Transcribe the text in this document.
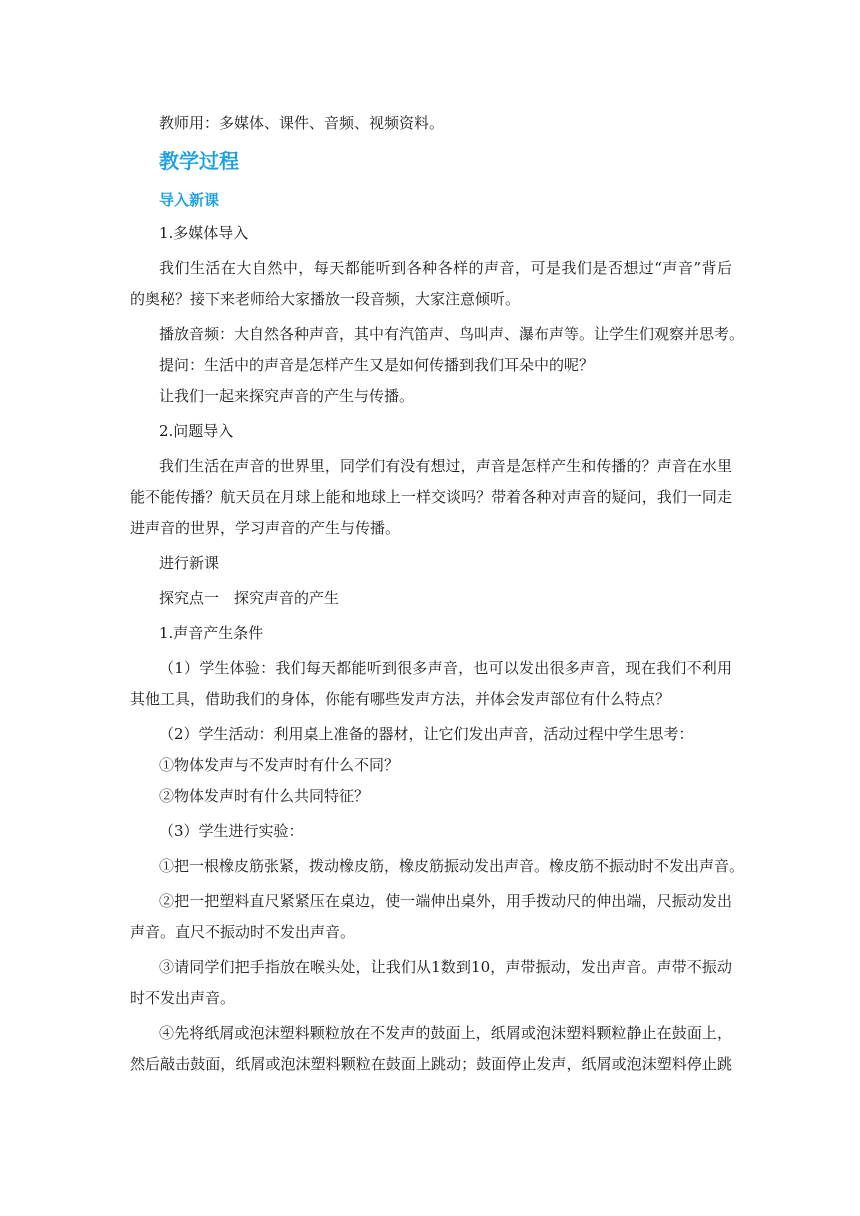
教师用：多媒体、课件、音频、视频资料。
教学过程
导入新课
1.多媒体导入
我们生活在大自然中，每天都能听到各种各样的声音，可是我们是否想过“声音”背后
的奥秘？接下来老师给大家播放一段音频，大家注意倾听。
播放音频：大自然各种声音，其中有汽笛声、鸟叫声、瀑布声等。让学生们观察并思考。
提问：生活中的声音是怎样产生又是如何传播到我们耳朵中的呢？
让我们一起来探究声音的产生与传播。
2.问题导入
我们生活在声音的世界里，同学们有没有想过，声音是怎样产生和传播的？声音在水里
能不能传播？航天员在月球上能和地球上一样交谈吗？带着各种对声音的疑问，我们一同走
进声音的世界，学习声音的产生与传播。
进行新课
探究点一　探究声音的产生
1.声音产生条件
（1）学生体验：我们每天都能听到很多声音，也可以发出很多声音，现在我们不利用
其他工具，借助我们的身体，你能有哪些发声方法，并体会发声部位有什么特点？
（2）学生活动：利用桌上准备的器材，让它们发出声音，活动过程中学生思考：
①物体发声与不发声时有什么不同？
②物体发声时有什么共同特征？
（3）学生进行实验：
①把一根橡皮筋张紧，拨动橡皮筋，橡皮筋振动发出声音。橡皮筋不振动时不发出声音。
②把一把塑料直尺紧紧压在桌边，使一端伸出桌外，用手拨动尺的伸出端，尺振动发出
声音。直尺不振动时不发出声音。
③请同学们把手指放在喉头处，让我们从1数到10，声带振动，发出声音。声带不振动
时不发出声音。
④先将纸屑或泡沫塑料颗粒放在不发声的鼓面上，纸屑或泡沫塑料颗粒静止在鼓面上，
然后敲击鼓面，纸屑或泡沫塑料颗粒在鼓面上跳动；鼓面停止发声，纸屑或泡沫塑料停止跳
